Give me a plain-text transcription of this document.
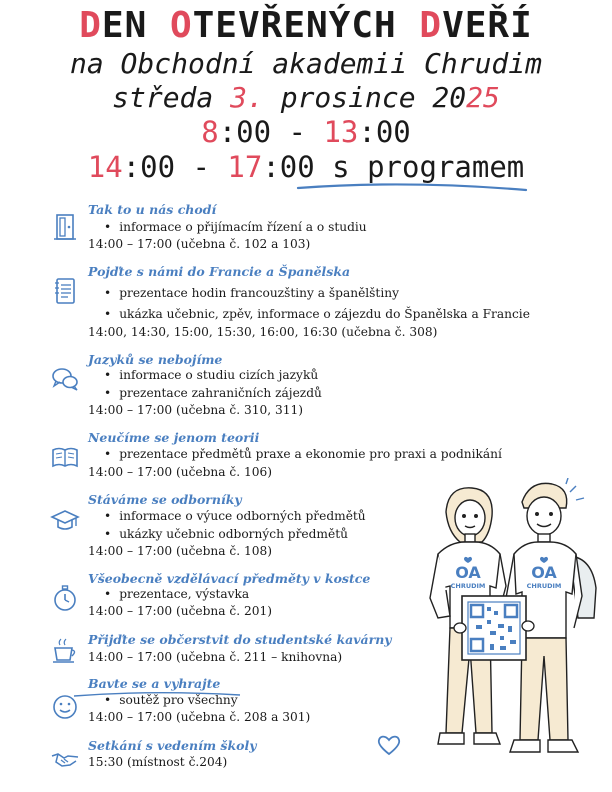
DEN OTEVŘENÝCH DVEŘÍ
na Obchodní akademii Chrudim
středa 3. prosince 2025
8:00 - 13:00
14:00 - 17:00 s programem
Tak to u nás chodí
• informace o přijímacím řízení a o studiu
14:00 – 17:00 (učebna č. 102 a 103)
Pojďte s námi do Francie a Španělska
• prezentace hodin francouzštiny a španělštiny
• ukázka učebnic, zpěv, informace o zájezdu do Španělska a Francie
14:00, 14:30, 15:00, 15:30, 16:00, 16:30 (učebna č. 308)
Jazyků se nebojíme
• informace o studiu cizích jazyků
• prezentace zahraničních zájezdů
14:00 – 17:00 (učebna č. 310, 311)
Neučíme se jenom teorii
• prezentace předmětů praxe a ekonomie pro praxi a podnikání
14:00 – 17:00 (učebna č. 106)
Stáváme se odborníky
• informace o výuce odborných předmětů
• ukázky učebnic odborných předmětů
14:00 – 17:00 (učebna č. 108)
Všeobecně vzdělávací předměty v kostce
• prezentace, výstavka
14:00 – 17:00 (učebna č. 201)
Přijďte se občerstvit do studentské kavárny
14:00 – 17:00 (učebna č. 211 – knihovna)
Bavte se a vyhrajte
• soutěž pro všechny
14:00 – 17:00 (učebna č. 208 a 301)
Setkání s vedením školy
15:30 (místnost č.204)
OA
CHRUDIM
OA
CHRUDIM
